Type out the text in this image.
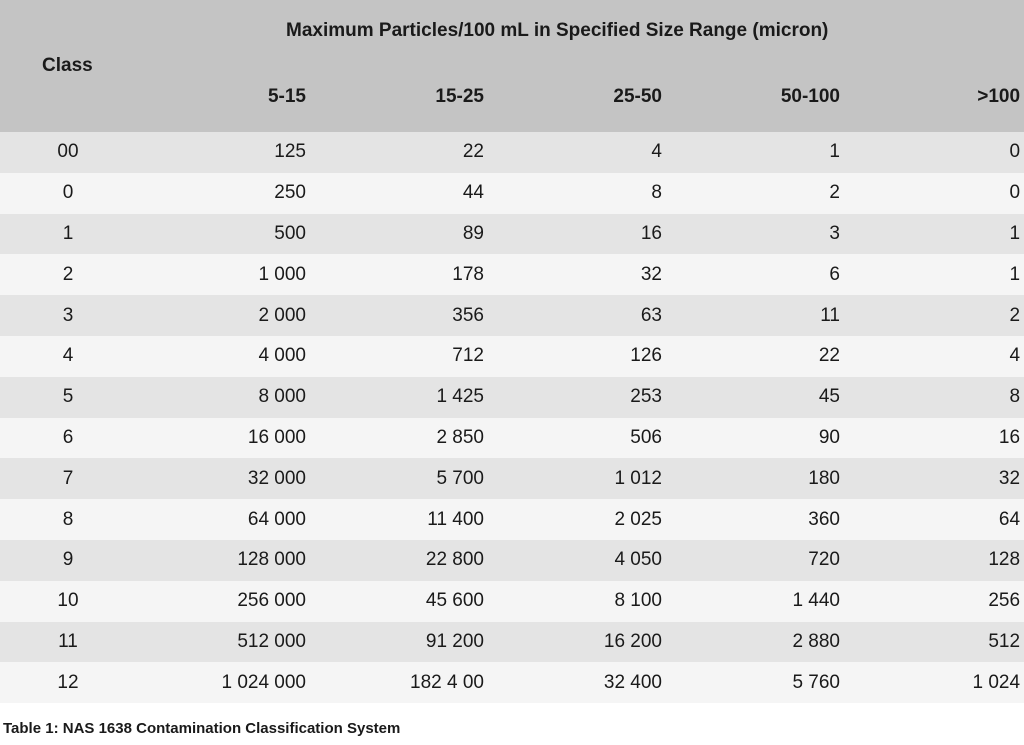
Class	Maximum Particles/100 mL in Specified Size Range (micron)				
	5-15	15-25	25-50	50-100	>100
00	125	22	4	1	0
0	250	44	8	2	0
1	500	89	16	3	1
2	1 000	178	32	6	1
3	2 000	356	63	11	2
4	4 000	712	126	22	4
5	8 000	1 425	253	45	8
6	16 000	2 850	506	90	16
7	32 000	5 700	1 012	180	32
8	64 000	11 400	2 025	360	64
9	128 000	22 800	4 050	720	128
10	256 000	45 600	8 100	1 440	256
11	512 000	91 200	16 200	2 880	512
12	1 024 000	182 4 00	32 400	5 760	1 024
Table 1: NAS 1638 Contamination Classification System
